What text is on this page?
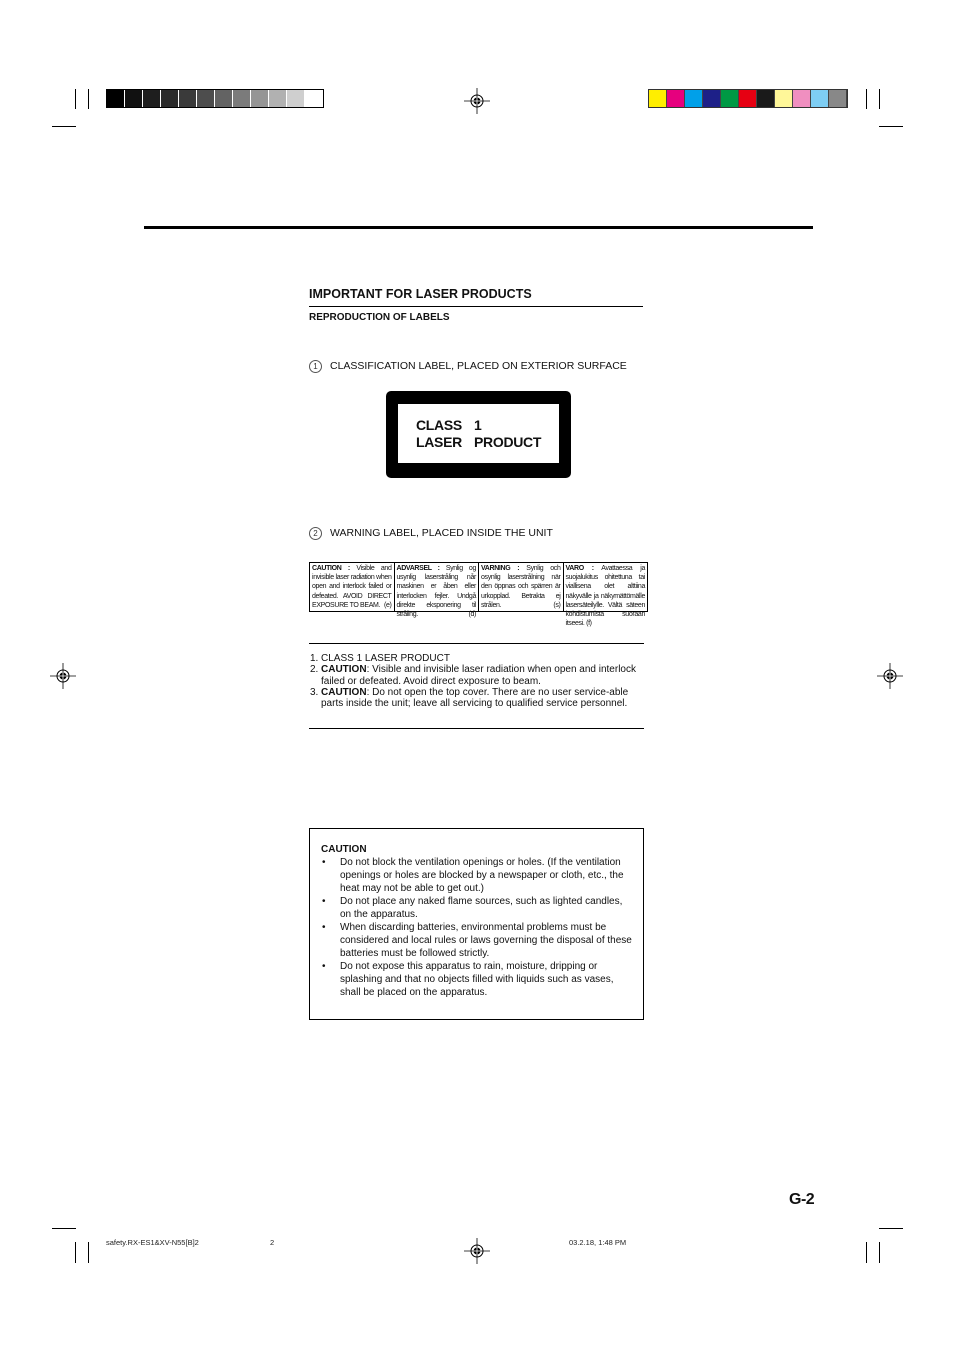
IMPORTANT FOR LASER PRODUCTS
REPRODUCTION OF LABELS
1 CLASSIFICATION LABEL, PLACED ON EXTERIOR SURFACE
CLASS 1
LASER PRODUCT
2 WARNING LABEL, PLACED INSIDE THE UNIT
CAUTION : Visible and invisible laser radiation when open and interlock failed or defeated. AVOID DIRECT EXPOSURE TO BEAM. (e)
ADVARSEL : Synlig og usynlig laserstråling når maskinen er åben eller interlocken fejler. Undgå direkte eksponering til stråling.	(d)
VARNING : Synlig och osynlig laserstrålning när den öppnas och spärren är urkopplad. Betrakta ej strålen.	(s)
VARO : Avattaessa ja suojalukitus ohitettuna tai viallisena olet alttiina näkyvälle ja näkymättömälle lasersäteilylle. Vältä säteen kohdistumista suoraan itseesi. (f)
1. CLASS 1 LASER PRODUCT
2. CAUTION: Visible and invisible laser radiation when open and interlock failed or defeated. Avoid direct exposure to beam.
3. CAUTION: Do not open the top cover. There are no user service-able parts inside the unit; leave all servicing to qualified service personnel.
CAUTION
•	Do not block the ventilation openings or holes. (If the ventilation openings or holes are blocked by a newspaper or cloth, etc., the heat may not be able to get out.)
•	Do not place any naked flame sources, such as lighted candles, on the apparatus.
•	When discarding batteries, environmental problems must be considered and local rules or laws governing the disposal of these batteries must be followed strictly.
•	Do not expose this apparatus to rain, moisture, dripping or splashing and that no objects filled with liquids such as vases, shall be placed on the apparatus.
G-2
safety.RX-ES1&XV-N55[B]2	2	03.2.18, 1:48 PM
